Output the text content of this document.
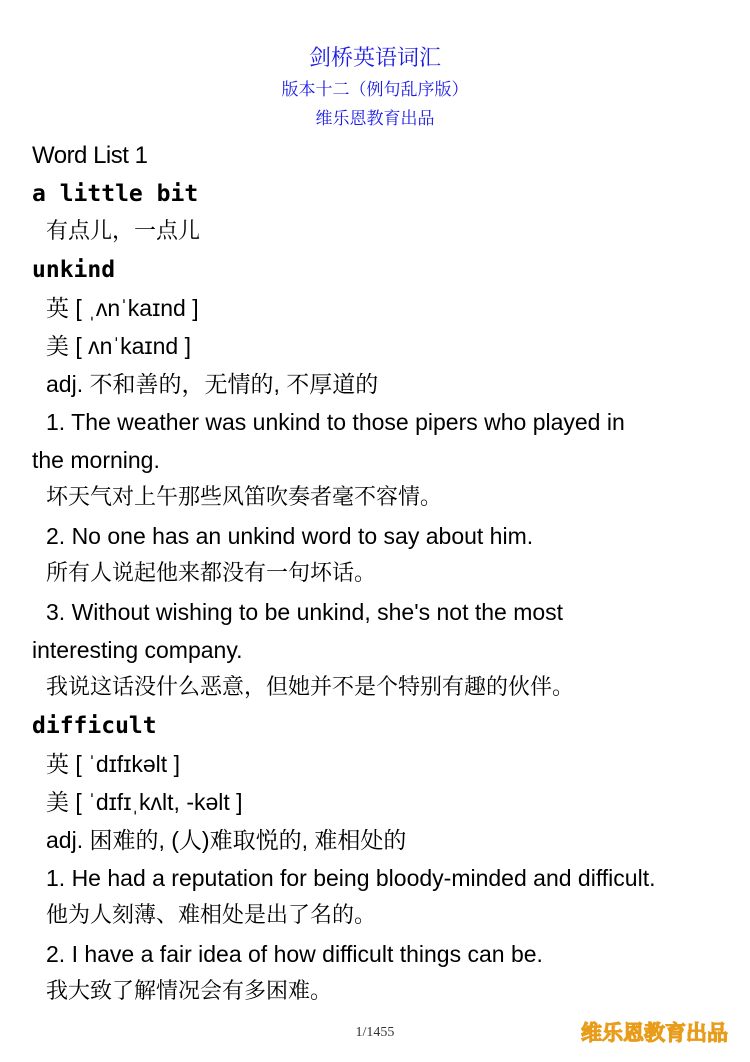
剑桥英语词汇
版本十二（例句乱序版）
维乐恩教育出品
Word List 1
a little bit
有点儿，一点儿
unkind
英 [ ˌʌnˈkaɪnd ]
美 [ ʌnˈkaɪnd ]
adj. 不和善的，无情的, 不厚道的
1. The weather was unkind to those pipers who played in
the morning.
坏天气对上午那些风笛吹奏者毫不容情。
2. No one has an unkind word to say about him.
所有人说起他来都没有一句坏话。
3. Without wishing to be unkind, she's not the most
interesting company.
我说这话没什么恶意，但她并不是个特别有趣的伙伴。
difficult
英 [ ˈdɪfɪkəlt ]
美 [ ˈdɪfɪˌkʌlt, -kəlt ]
adj. 困难的, (人)难取悦的, 难相处的
1. He had a reputation for being bloody-minded and difficult.
他为人刻薄、难相处是出了名的。
2. I have a fair idea of how difficult things can be.
我大致了解情况会有多困难。
1/1455	维乐恩教育出品
